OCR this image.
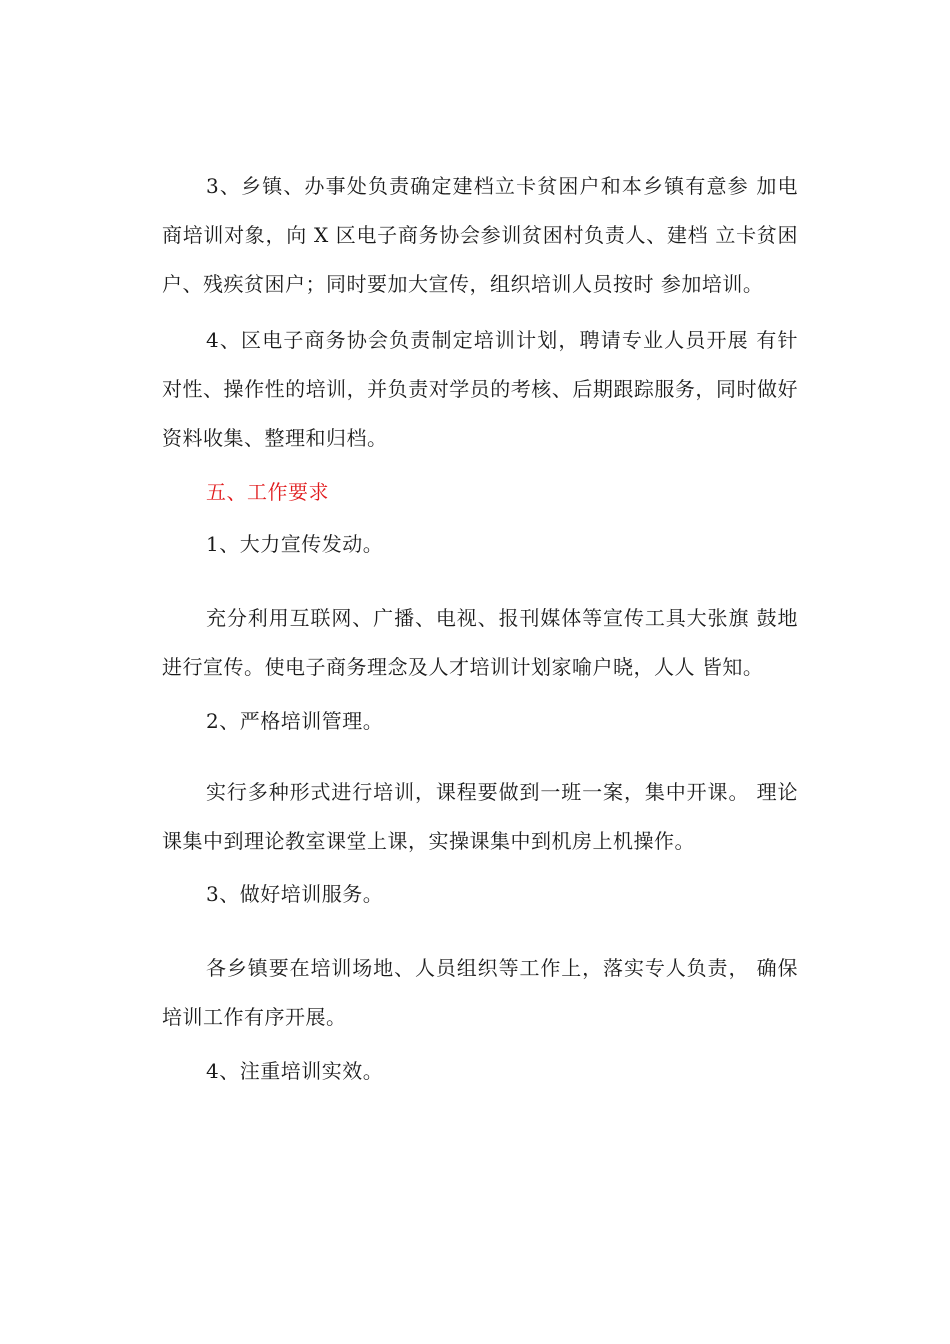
3、乡镇、办事处负责确定建档立卡贫困户和本乡镇有意参 加电商培训对象，向 X 区电子商务协会参训贫困村负责人、建档 立卡贫困户、残疾贫困户；同时要加大宣传，组织培训人员按时 参加培训。

4、区电子商务协会负责制定培训计划，聘请专业人员开展 有针对性、操作性的培训，并负责对学员的考核、后期跟踪服务，同时做好资料收集、整理和归档。

五、工作要求

1、大力宣传发动。

充分利用互联网、广播、电视、报刊媒体等宣传工具大张旗 鼓地进行宣传。使电子商务理念及人才培训计划家喻户晓，人人 皆知。

2、严格培训管理。

实行多种形式进行培训，课程要做到一班一案，集中开课。 理论课集中到理论教室课堂上课，实操课集中到机房上机操作。

3、做好培训服务。

各乡镇要在培训场地、人员组织等工作上，落实专人负责， 确保培训工作有序开展。

4、注重培训实效。
